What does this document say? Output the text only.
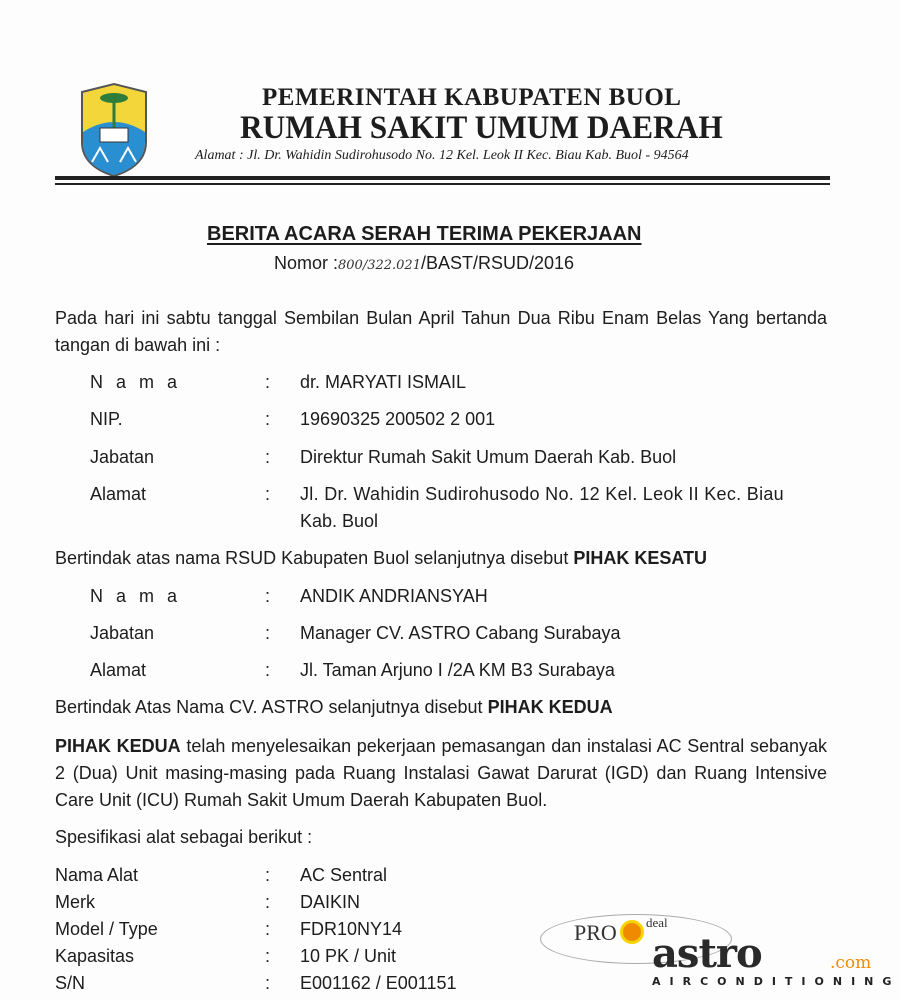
PEMERINTAH KABUPATEN BUOL
RUMAH SAKIT UMUM DAERAH
Alamat : Jl. Dr. Wahidin Sudirohusodo No. 12 Kel. Leok II Kec. Biau Kab. Buol - 94564
BERITA ACARA SERAH TERIMA PEKERJAAN
Nomor :800/322.021/BAST/RSUD/2016
Pada hari ini sabtu tanggal Sembilan Bulan April Tahun Dua Ribu Enam Belas Yang bertanda tangan di bawah ini :
N a m a	: dr. MARYATI ISMAIL
NIP.	: 19690325 200502 2 001
Jabatan	: Direktur Rumah Sakit Umum Daerah Kab. Buol
Alamat	: Jl. Dr. Wahidin Sudirohusodo No. 12 Kel. Leok II Kec. Biau
Kab. Buol
Bertindak atas nama RSUD Kabupaten Buol selanjutnya disebut PIHAK KESATU
N a m a	: ANDIK ANDRIANSYAH
Jabatan	: Manager CV. ASTRO Cabang Surabaya
Alamat	: Jl. Taman Arjuno I /2A KM B3 Surabaya
Bertindak Atas Nama CV. ASTRO selanjutnya disebut PIHAK KEDUA
PIHAK KEDUA telah menyelesaikan pekerjaan pemasangan dan instalasi AC Sentral sebanyak 2 (Dua) Unit masing-masing pada Ruang Instalasi Gawat Darurat (IGD) dan Ruang Intensive Care Unit (ICU) Rumah Sakit Umum Daerah Kabupaten Buol.
Spesifikasi alat sebagai berikut :
Nama Alat	: AC Sentral
Merk	: DAIKIN
Model / Type	: FDR10NY14
Kapasitas	: 10 PK / Unit
S/N	: E001162 / E001151
PRO deal
astro	.com
AIRCONDITIONING
